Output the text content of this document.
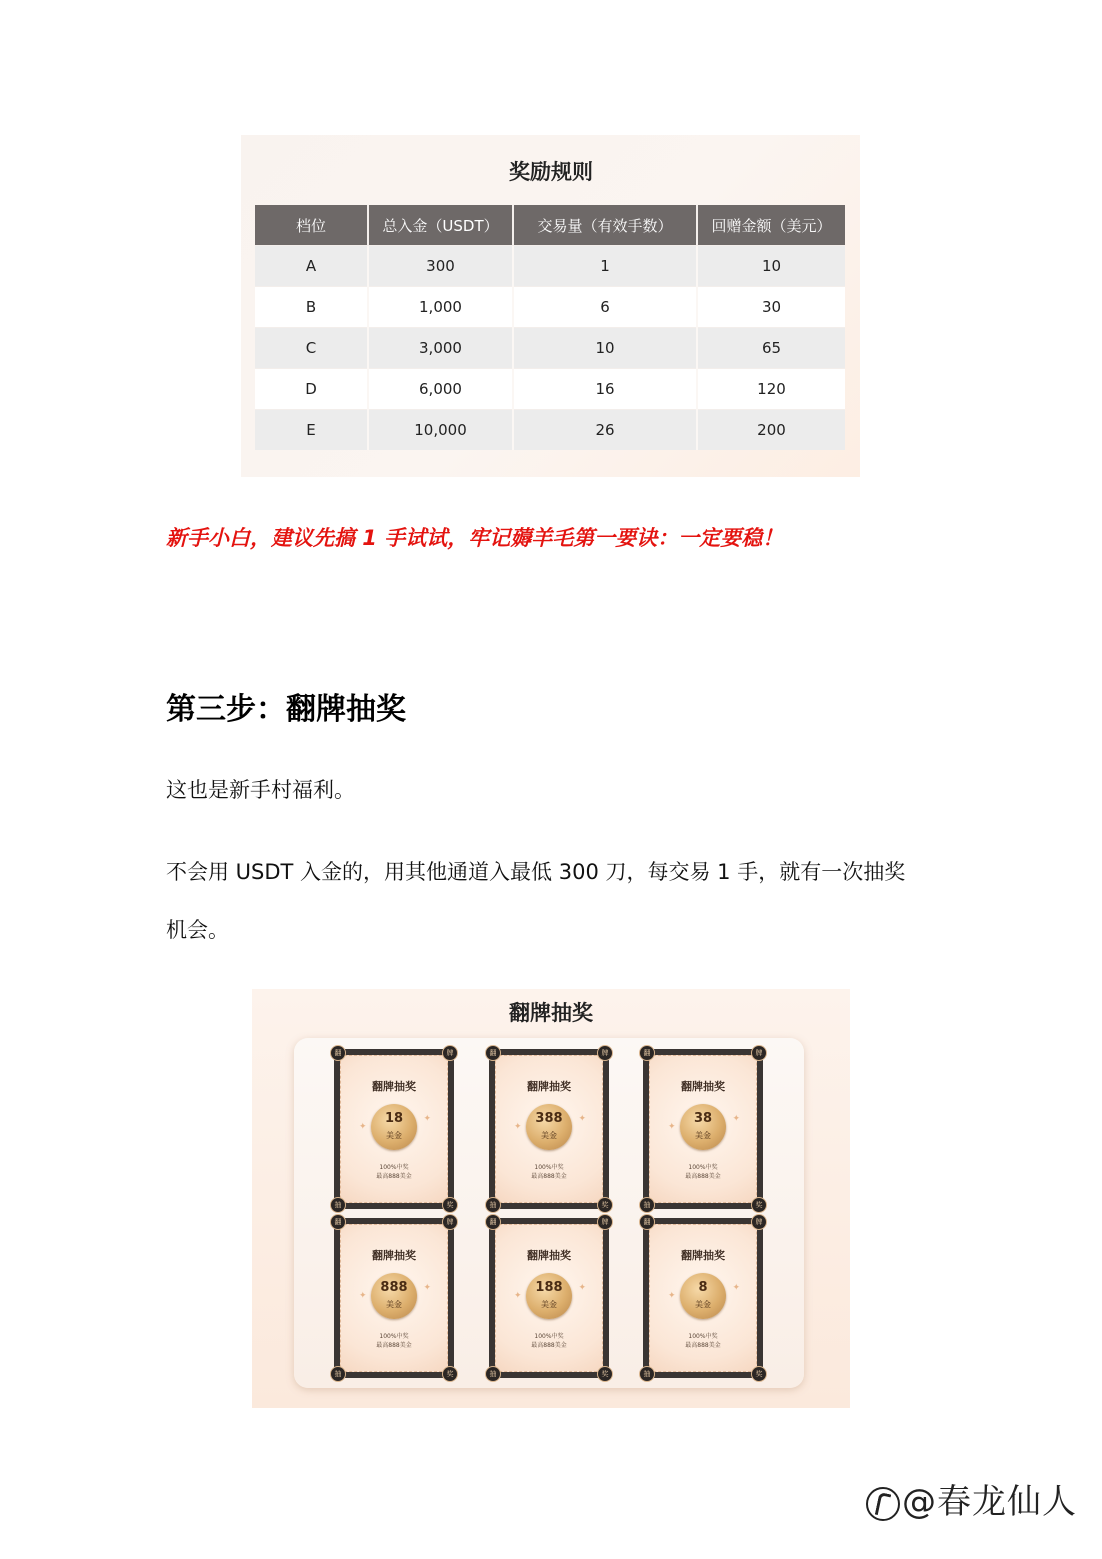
奖励规则
档位	总入金（USDT）	交易量（有效手数）	回赠金额（美元）
A	300	1	10
B	1,000	6	30
C	3,000	10	65
D	6,000	16	120
E	10,000	26	200
新手小白，建议先搞 1 手试试，牢记薅羊毛第一要诀：一定要稳！
第三步：翻牌抽奖
这也是新手村福利。
不会用 USDT 入金的，用其他通道入最低 300 刀，每交易 1 手，就有一次抽奖
机会。
翻牌抽奖
翻	牌
抽	奖
✦
✦
翻牌抽奖
18
美金
100%中奖
最高888美金
翻	牌
抽	奖
✦
✦
翻牌抽奖
388
美金
100%中奖
最高888美金
翻	牌
抽	奖
✦
✦
翻牌抽奖
38
美金
100%中奖
最高888美金
翻	牌
抽	奖
✦
✦
翻牌抽奖
888
美金
100%中奖
最高888美金
翻	牌
抽	奖
✦
✦
翻牌抽奖
188
美金
100%中奖
最高888美金
翻	牌
抽	奖
✦
✦
翻牌抽奖
8
美金
100%中奖
最高888美金
@春龙仙人
